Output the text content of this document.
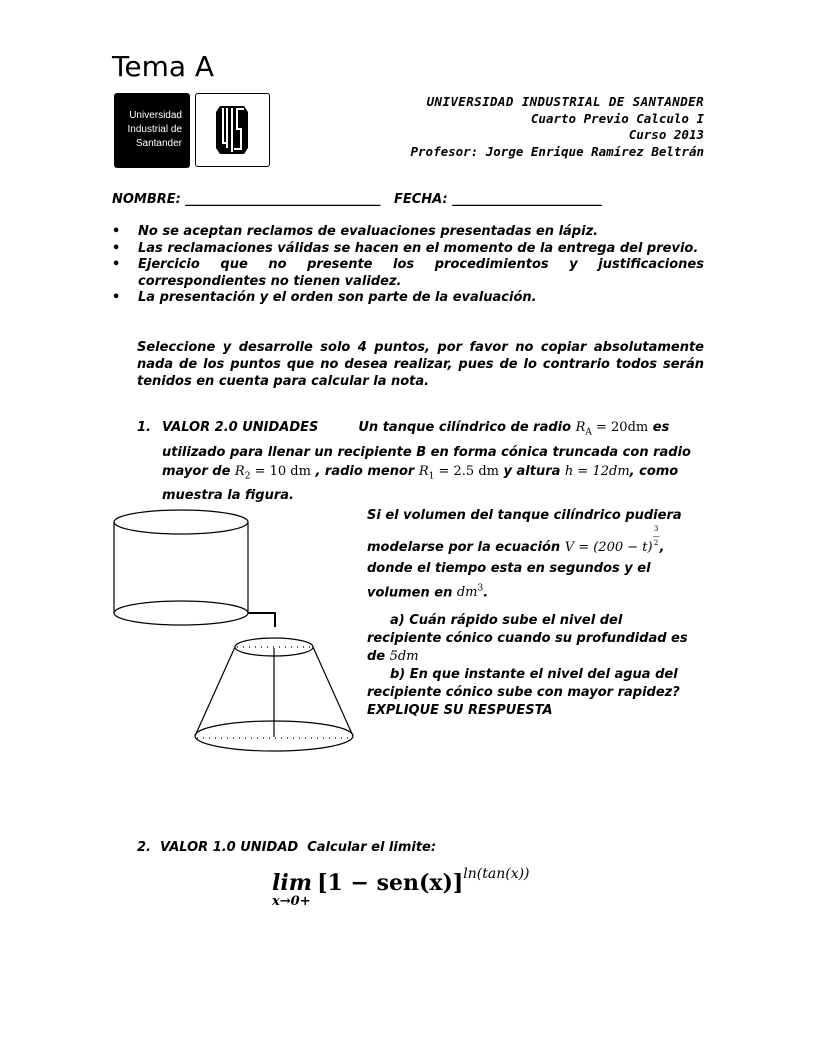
Tema A
Universidad
Industrial de
Santander
UNIVERSIDAD INDUSTRIAL DE SANTANDER
Cuarto Previo Calculo I
Curso 2013
Profesor: Jorge Enrique Ramírez Beltrán
NOMBRE: ______________________________ FECHA: _______________________
• No se aceptan reclamos de evaluaciones presentadas en lápiz.
• Las reclamaciones válidas se hacen en el momento de la entrega del previo.
• Ejercicio que no presente los procedimientos y justificaciones correspondientes no tienen validez.
• La presentación y el orden son parte de la evaluación.
Seleccione y desarrolle solo 4 puntos, por favor no copiar absolutamente nada de los puntos que no desea realizar, pues de lo contrario todos serán tenidos en cuenta para calcular la nota.
1. VALOR 2.0 UNIDADES	Un tanque cilíndrico de radio $R_A = 20dm$ es utilizado para llenar un recipiente B en forma cónica truncada con radio mayor de $R_2 = 10$ dm , radio menor $R_1 = 2.5$ dm y altura h = 12dm, como muestra la figura.
Si el volumen del tanque cilíndrico pudiera modelarse por la ecuación V = (200 − t)
3
—
2 , donde el tiempo esta en segundos y el volumen en $dm^3$.
a) Cuán rápido sube el nivel del recipiente cónico cuando su profundidad es de 5dm
b) En que instante el nivel del agua del recipiente cónico sube con mayor rapidez?
EXPLIQUE SU RESPUESTA
2. VALOR 1.0 UNIDAD Calcular el limite:
lim
x→0+
[1 − sen(x)]ln(tan(x))
